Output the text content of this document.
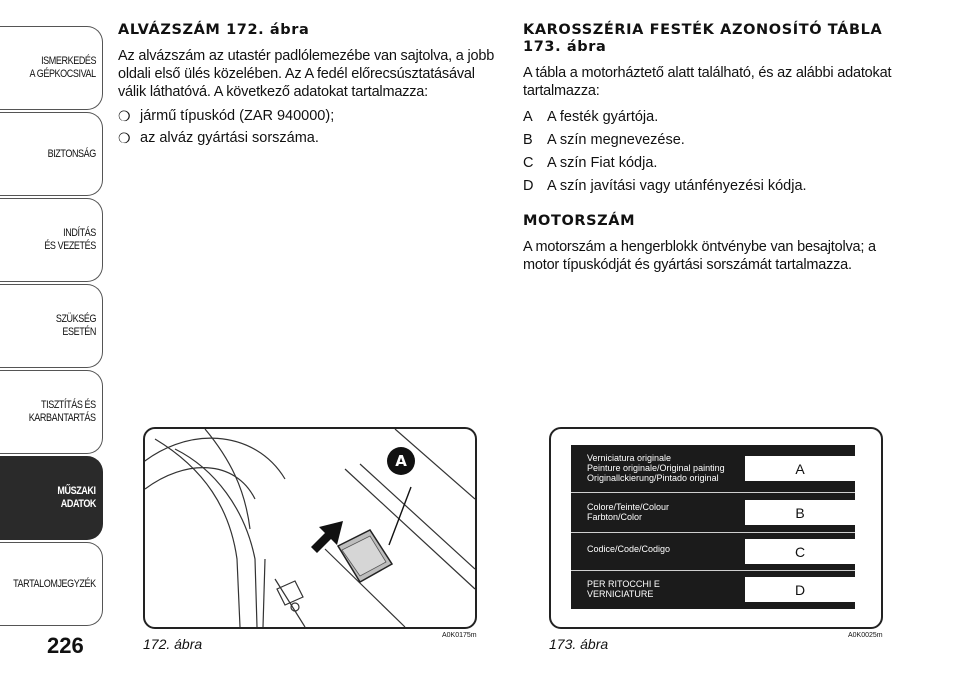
ISMERKEDÉS
A GÉPKOCSIVAL
BIZTONSÁG
INDÍTÁS
ÉS VEZETÉS
SZÜKSÉG
ESETÉN
TISZTÍTÁS ÉS
KARBANTARTÁS
MŰSZAKI
ADATOK
TARTALOMJEGYZÉK
226
ALVÁZSZÁM 172. ábra

Az alvázszám az utastér padlólemezébe van sajtolva, a jobb oldali első ülés közelében. Az A fedél előrecsúsztatásával válik láthatóvá. A következő adatokat tartalmazza:

❍ jármű típuskód (ZAR 940000);
❍ az alváz gyártási sorszáma.
KAROSSZÉRIA FESTÉK AZONOSÍTÓ TÁBLA 173. ábra

A tábla a motorháztető alatt található, és az alábbi adatokat tartalmazza:

A A festék gyártója.
B A szín megnevezése.
C A szín Fiat kódja.
D A szín javítási vagy utánfényezési kódja.
MOTORSZÁM

A motorszám a hengerblokk öntvénybe van besajtolva; a motor típuskódját és gyártási sorszámát tartalmazza.

A
172. ábra
A0K0175m
Verniciatura originale
Peinture originale/Original painting
Originallckierung/Pintado original
A
Colore/Teinte/Colour
Farbton/Color	B
Codice/Code/Codigo	C
PER RITOCCHI E
VERNICIATURE	D
173. ábra
A0K0025m
